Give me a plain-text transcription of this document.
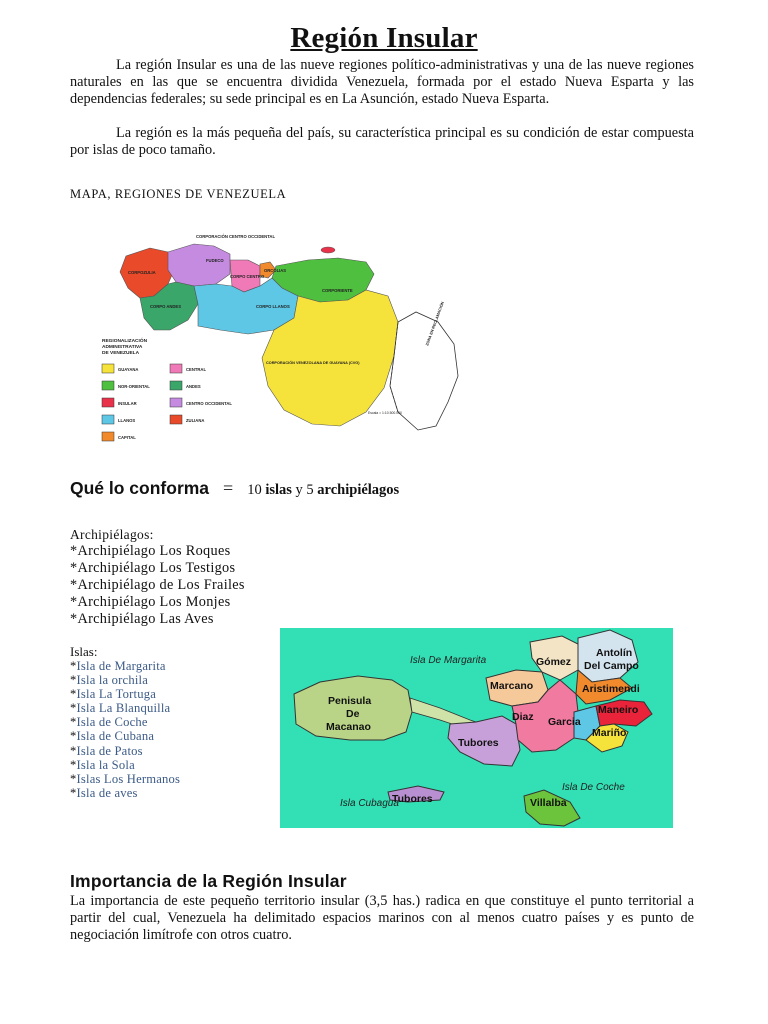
Región Insular
La región Insular es una de las nueve regiones político-administrativas y una de las nueve regiones naturales en las que se encuentra dividida Venezuela, formada por el estado Nueva Esparta y las dependencias federales; su sede principal es en La Asunción, estado Nueva Esparta.
La región es la más pequeña del país, su característica principal es su condición de estar compuesta por islas de poco tamaño.
MAPA, REGIONES DE VENEZUELA
CORPORACIÓN CENTRO OCCIDENTAL
FUDECO
CORPOZULIA
CORPO CENTRO
CORPO ANDES	CORPO LLANOS
CORPORIENTE
ORCOLIAS
CORPORACIÓN VENEZOLANA DE GUAYANA (CVG)
ZONA EN RECLAMACIÓN
Escala = 1:10.500.000
REGIONALIZACIÓN
ADMINISTRATIVA
DE VENEZUELA
GUAYANA
NOR-ORIENTAL
INSULAR
LLANOS
CAPITAL
CENTRAL
ANDES
CENTRO OCCIDENTAL
ZULIANA
Qué lo conforma = 10 islas y 5 archipiélagos
Archipiélagos:
*Archipiélago Los Roques
*Archipiélago Los Testigos
*Archipiélago de Los Frailes
*Archipiélago Los Monjes
*Archipiélago Las Aves
Islas:
*Isla de Margarita
*Isla la orchila
*Isla La Tortuga
*Isla La Blanquilla
*Isla de Coche
*Isla de Cubana
*Isla de Patos
*Isla la Sola
*Islas Los Hermanos
*Isla de aves
Isla De Margarita
Isla Cubagua
Isla De Coche
Penisula
De
Macanao
Gómez
Antolín
Del Campo
Marcano	Aristimendi
Diaz
Maneiro
Garcia
Mariño
Tubores
Tubores	Villalba
Importancia de la Región Insular
La importancia de este pequeño territorio insular (3,5 has.) radica en que constituye el punto territorial a partir del cual, Venezuela ha delimitado espacios marinos con al menos cuatro países y es punto de negociación limítrofe con otros cuatro.
